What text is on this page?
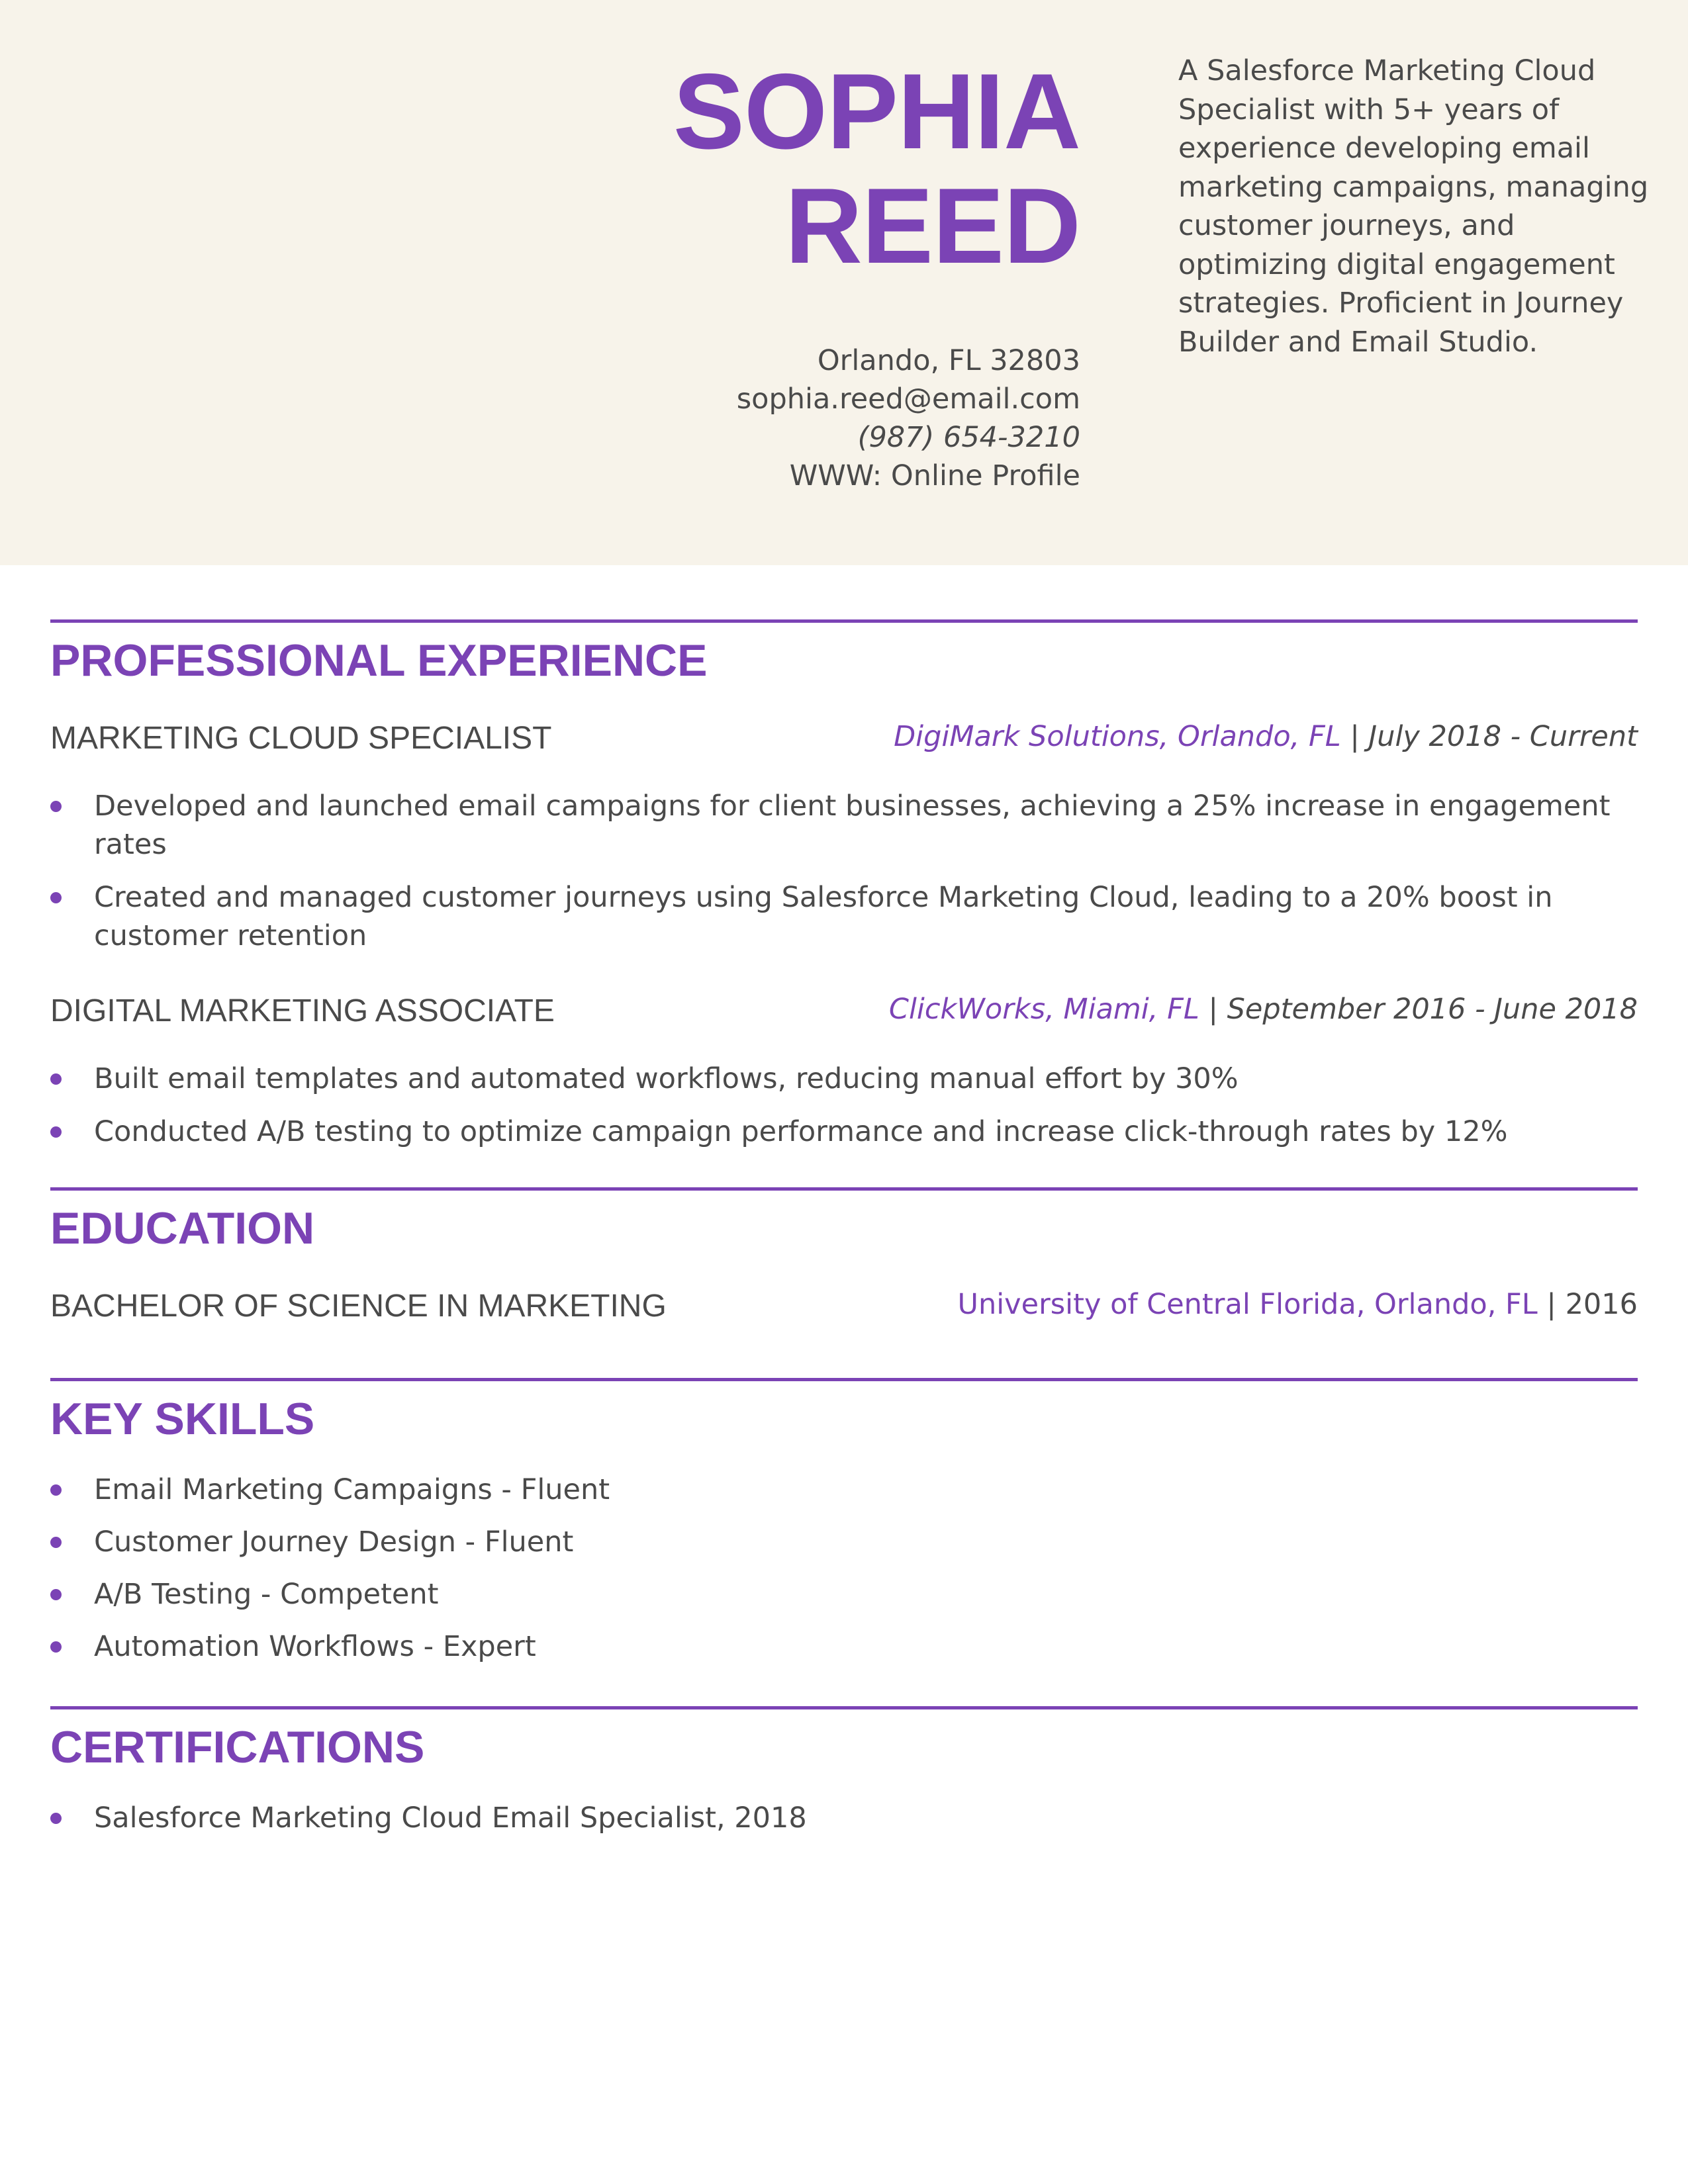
SOPHIA
REED
Orlando, FL 32803
sophia.reed@email.com
(987) 654-3210
WWW: Online Profile
A Salesforce Marketing Cloud Specialist with 5+ years of experience developing email marketing campaigns, managing customer journeys, and optimizing digital engagement strategies. Proficient in Journey Builder and Email Studio.
PROFESSIONAL EXPERIENCE
MARKETING CLOUD SPECIALIST	DigiMark Solutions, Orlando, FL | July 2018 - Current
Developed and launched email campaigns for client businesses, achieving a 25% increase in engagement rates
Created and managed customer journeys using Salesforce Marketing Cloud, leading to a 20% boost in customer retention
DIGITAL MARKETING ASSOCIATE	ClickWorks, Miami, FL | September 2016 - June 2018
Built email templates and automated workflows, reducing manual effort by 30%
Conducted A/B testing to optimize campaign performance and increase click-through rates by 12%
EDUCATION
BACHELOR OF SCIENCE IN MARKETING	University of Central Florida, Orlando, FL | 2016
KEY SKILLS
Email Marketing Campaigns - Fluent
Customer Journey Design - Fluent
A/B Testing - Competent
Automation Workflows - Expert
CERTIFICATIONS
Salesforce Marketing Cloud Email Specialist, 2018
